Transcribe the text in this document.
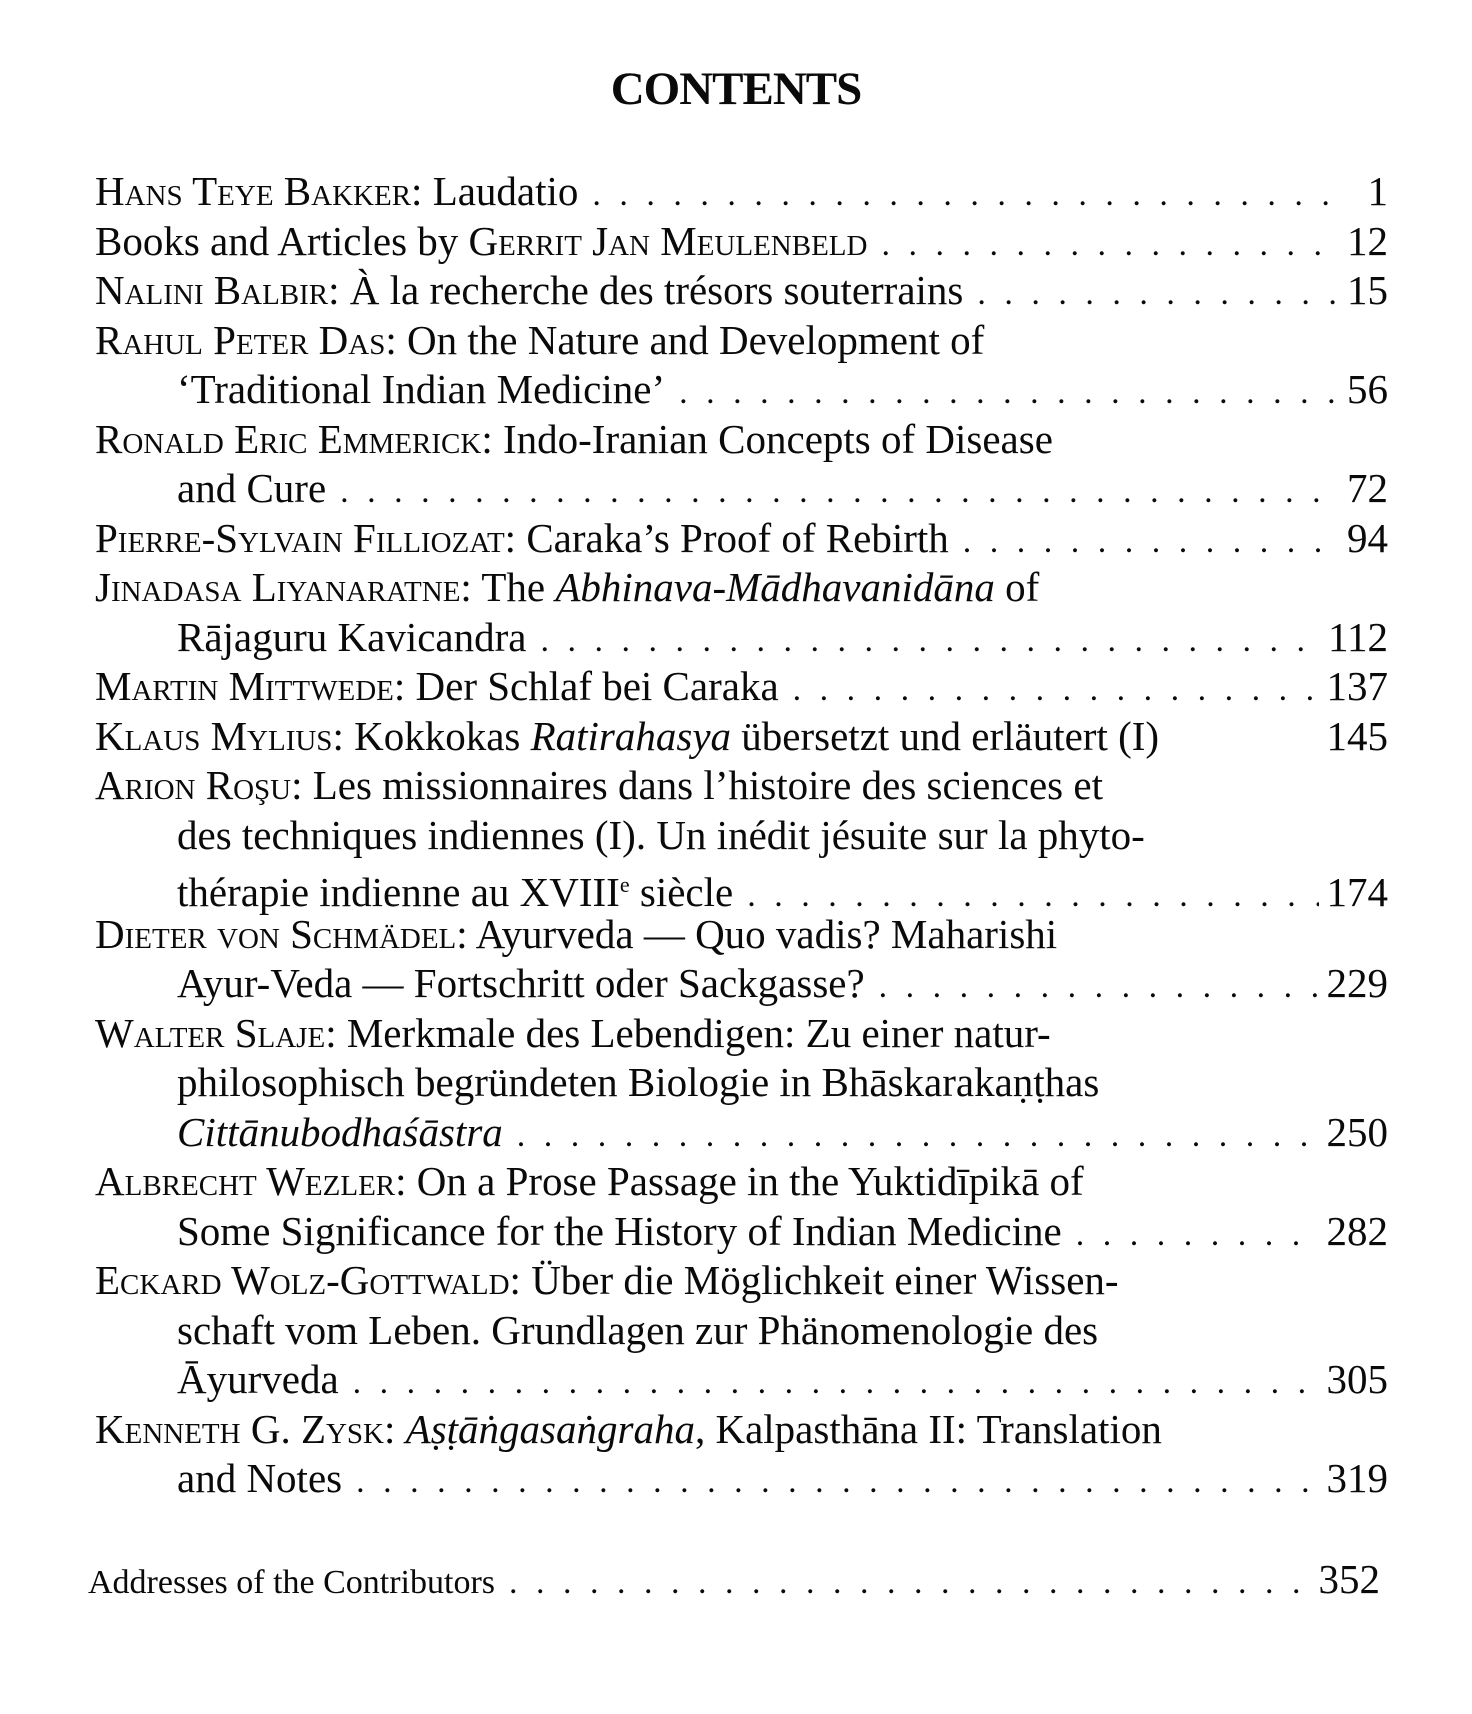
CONTENTS
Hans Teye Bakker: Laudatio . . .	1
Books and Articles by Gerrit Jan Meulenbeld . . .	12
Nalini Balbir: À la recherche des trésors souterrains . . .	15
Rahul Peter Das: On the Nature and Development of
‘Traditional Indian Medicine’ . . .	56
Ronald Eric Emmerick: Indo-Iranian Concepts of Disease
and Cure . . .	72
Pierre-Sylvain Filliozat: Caraka’s Proof of Rebirth . . .	94
Jinadasa Liyanaratne: The Abhinava-Mādhavanidāna of
Rājaguru Kavicandra . . .	112
Martin Mittwede: Der Schlaf bei Caraka . . .	137
Klaus Mylius: Kokkokas Ratirahasya übersetzt und erläutert (I)	145
Arion Roşu: Les missionnaires dans l’histoire des sciences et
des techniques indiennes (I). Un inédit jésuite sur la phyto-
thérapie indienne au XVIIIe siècle . . .	174
Dieter von Schmädel: Ayurveda — Quo vadis? Maharishi
Ayur-Veda — Fortschritt oder Sackgasse? . . .	229
Walter Slaje: Merkmale des Lebendigen: Zu einer natur-
philosophisch begründeten Biologie in Bhāskarakaṇṭhas
Cittānubodhaśāstra . . .	250
Albrecht Wezler: On a Prose Passage in the Yuktidīpikā of
Some Significance for the History of Indian Medicine . . .	282
Eckard Wolz-Gottwald: Über die Möglichkeit einer Wissen-
schaft vom Leben. Grundlagen zur Phänomenologie des
Āyurveda . . .	305
Kenneth G. Zysk: Aṣṭāṅgasaṅgraha, Kalpasthāna II: Translation
and Notes . . .	319
Addresses of the Contributors . . .	352
